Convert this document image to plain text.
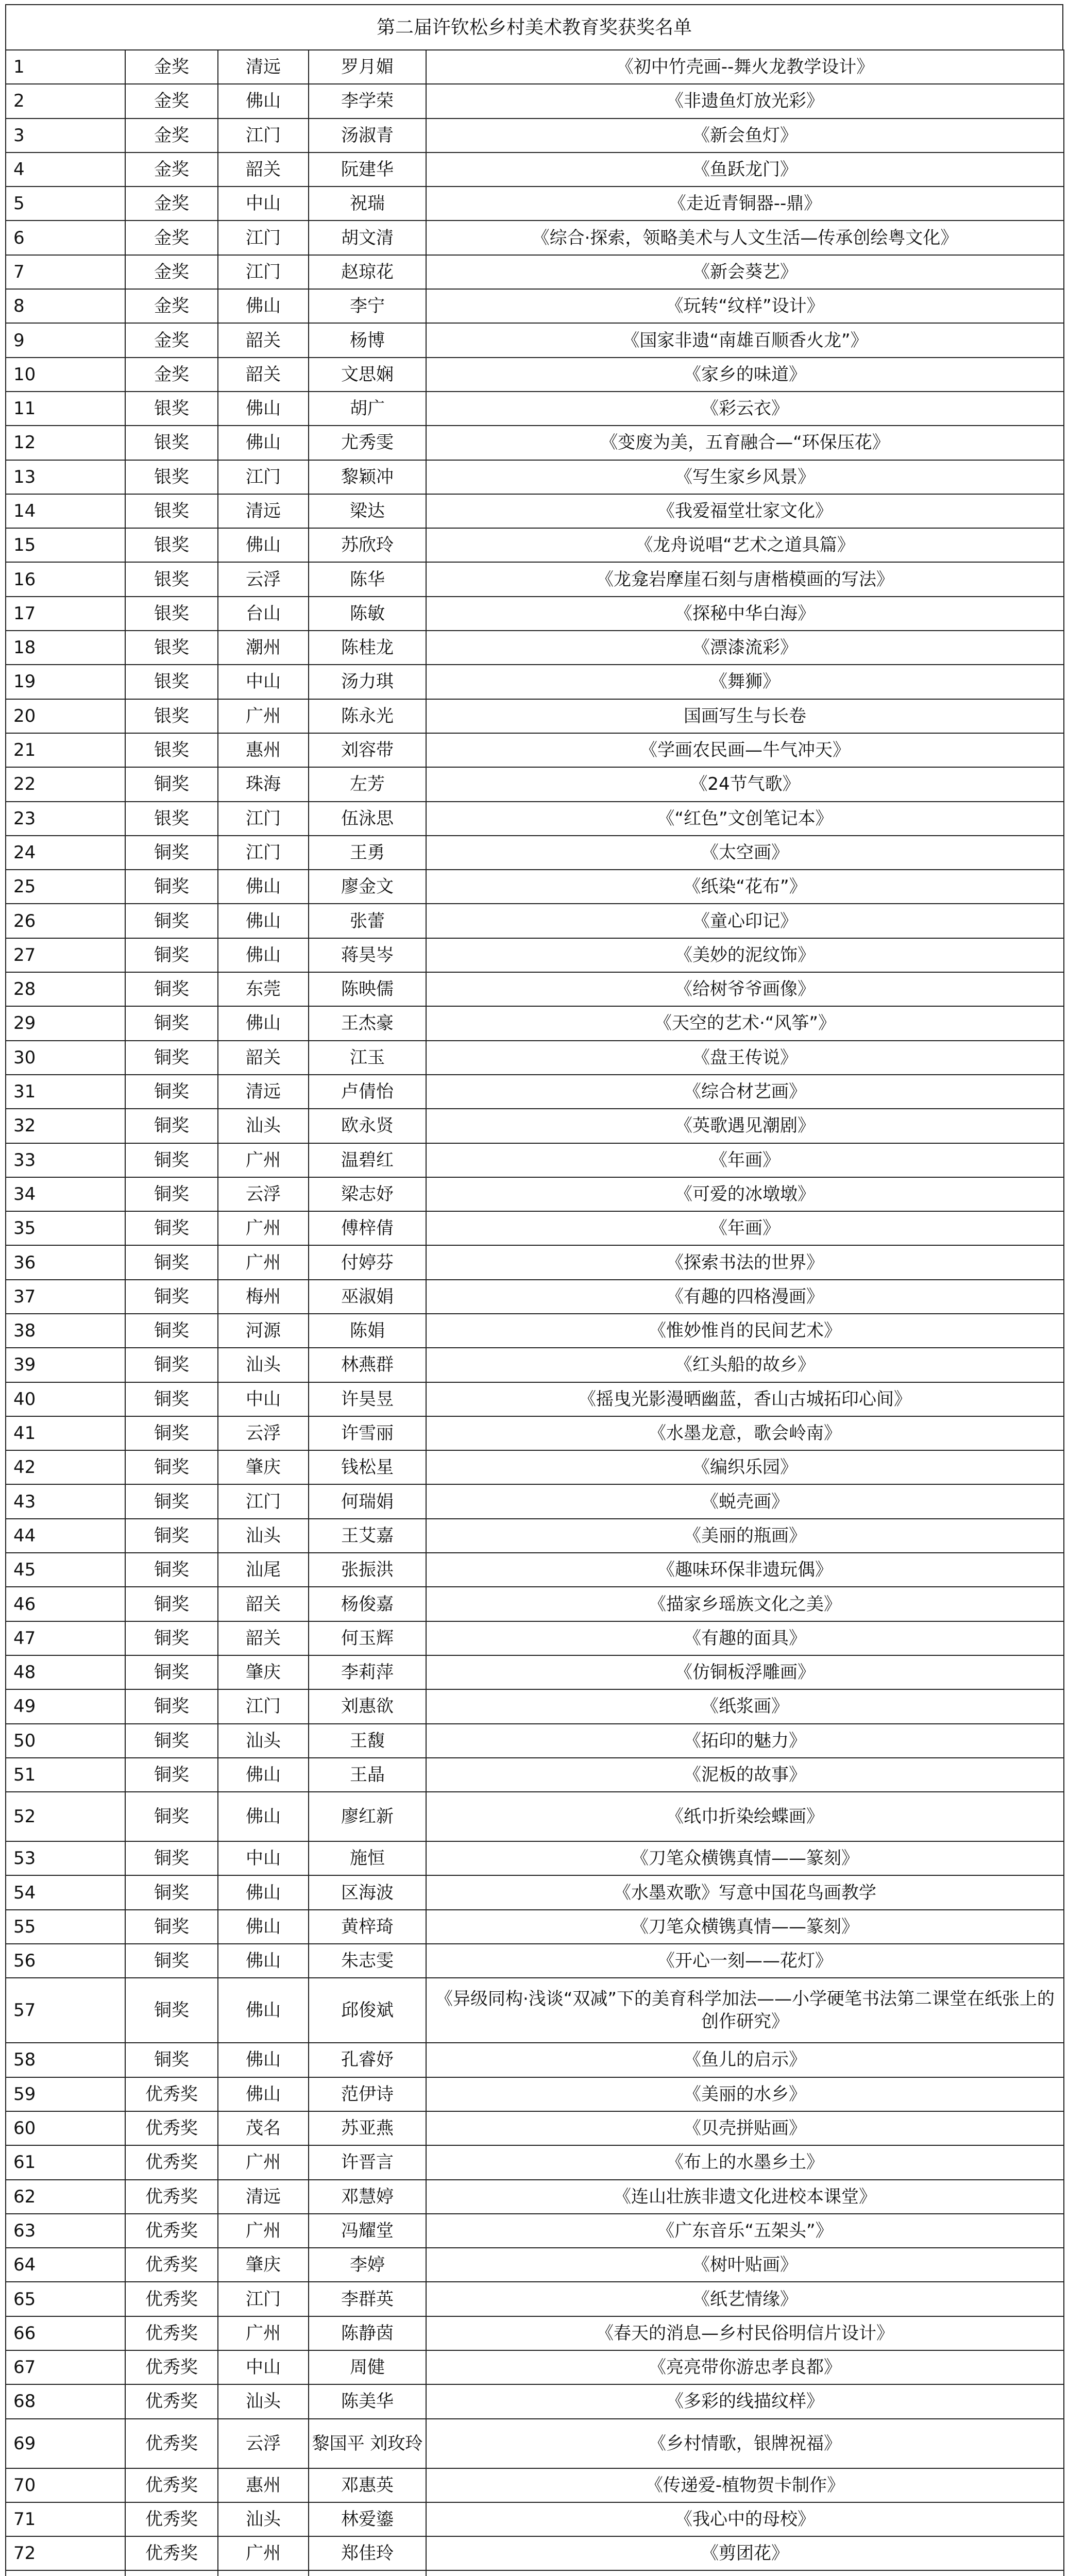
第二届许钦松乡村美术教育奖获奖名单
1	金奖	清远	罗月媚	《初中竹壳画--舞火龙教学设计》
2	金奖	佛山	李学荣	《非遗鱼灯放光彩》
3	金奖	江门	汤淑青	《新会鱼灯》
4	金奖	韶关	阮建华	《鱼跃龙门》
5	金奖	中山	祝瑞	《走近青铜器--鼎》
6	金奖	江门	胡文清	《综合·探索，领略美术与人文生活—传承创绘粤文化》
7	金奖	江门	赵琼花	《新会葵艺》
8	金奖	佛山	李宁	《玩转“纹样”设计》
9	金奖	韶关	杨博	《国家非遗“南雄百顺香火龙”》
10	金奖	韶关	文思娴	《家乡的味道》
11	银奖	佛山	胡广	《彩云衣》
12	银奖	佛山	尤秀雯	《变废为美，五育融合—“环保压花》
13	银奖	江门	黎颖冲	《写生家乡风景》
14	银奖	清远	梁达	《我爱福堂壮家文化》
15	银奖	佛山	苏欣玲	《龙舟说唱“艺术之道具篇》
16	银奖	云浮	陈华	《龙龛岩摩崖石刻与唐楷模画的写法》
17	银奖	台山	陈敏	《探秘中华白海》
18	银奖	潮州	陈桂龙	《漂漆流彩》
19	银奖	中山	汤力琪	《舞狮》
20	银奖	广州	陈永光	国画写生与长卷
21	银奖	惠州	刘容带	《学画农民画—牛气冲天》
22	铜奖	珠海	左芳	《24节气歌》
23	银奖	江门	伍泳思	《“红色”文创笔记本》
24	铜奖	江门	王勇	《太空画》
25	铜奖	佛山	廖金文	《纸染“花布”》
26	铜奖	佛山	张蕾	《童心印记》
27	铜奖	佛山	蒋昊岑	《美妙的泥纹饰》
28	铜奖	东莞	陈映儒	《给树爷爷画像》
29	铜奖	佛山	王杰豪	《天空的艺术·“风筝”》
30	铜奖	韶关	江玉	《盘王传说》
31	铜奖	清远	卢倩怡	《综合材艺画》
32	铜奖	汕头	欧永贤	《英歌遇见潮剧》
33	铜奖	广州	温碧红	《年画》
34	铜奖	云浮	梁志妤	《可爱的冰墩墩》
35	铜奖	广州	傅梓倩	《年画》
36	铜奖	广州	付婷芬	《探索书法的世界》
37	铜奖	梅州	巫淑娟	《有趣的四格漫画》
38	铜奖	河源	陈娟	《惟妙惟肖的民间艺术》
39	铜奖	汕头	林燕群	《红头船的故乡》
40	铜奖	中山	许昊昱	《摇曳光影漫晒幽蓝，香山古城拓印心间》
41	铜奖	云浮	许雪丽	《水墨龙意，歌会岭南》
42	铜奖	肇庆	钱松星	《编织乐园》
43	铜奖	江门	何瑞娟	《蜕壳画》
44	铜奖	汕头	王艾嘉	《美丽的瓶画》
45	铜奖	汕尾	张振洪	《趣味环保非遗玩偶》
46	铜奖	韶关	杨俊嘉	《描家乡瑶族文化之美》
47	铜奖	韶关	何玉辉	《有趣的面具》
48	铜奖	肇庆	李莉萍	《仿铜板浮雕画》
49	铜奖	江门	刘惠欲	《纸浆画》
50	铜奖	汕头	王馥	《拓印的魅力》
51	铜奖	佛山	王晶	《泥板的故事》
52	铜奖	佛山	廖红新	《纸巾折染绘蝶画》
53	铜奖	中山	施恒	《刀笔众横镌真情——篆刻》
54	铜奖	佛山	区海波	《水墨欢歌》写意中国花鸟画教学
55	铜奖	佛山	黄梓琦	《刀笔众横镌真情——篆刻》
56	铜奖	佛山	朱志雯	《开心一刻——花灯》
57	铜奖	佛山	邱俊斌	《异级同构·浅谈“双减”下的美育科学加法——小学硬笔书法第二课堂在纸张上的创作研究》
58	铜奖	佛山	孔睿妤	《鱼儿的启示》
59	优秀奖	佛山	范伊诗	《美丽的水乡》
60	优秀奖	茂名	苏亚燕	《贝壳拼贴画》
61	优秀奖	广州	许晋言	《布上的水墨乡土》
62	优秀奖	清远	邓慧婷	《连山壮族非遗文化进校本课堂》
63	优秀奖	广州	冯耀堂	《广东音乐“五架头”》
64	优秀奖	肇庆	李婷	《树叶贴画》
65	优秀奖	江门	李群英	《纸艺情缘》
66	优秀奖	广州	陈静茵	《春天的消息—乡村民俗明信片设计》
67	优秀奖	中山	周健	《亮亮带你游忠孝良都》
68	优秀奖	汕头	陈美华	《多彩的线描纹样》
69	优秀奖	云浮	黎国平 刘玫玲	《乡村情歌，银牌祝福》
70	优秀奖	惠州	邓惠英	《传递爱-植物贺卡制作》
71	优秀奖	汕头	林爱鎏	《我心中的母校》
72	优秀奖	广州	郑佳玲	《剪团花》
